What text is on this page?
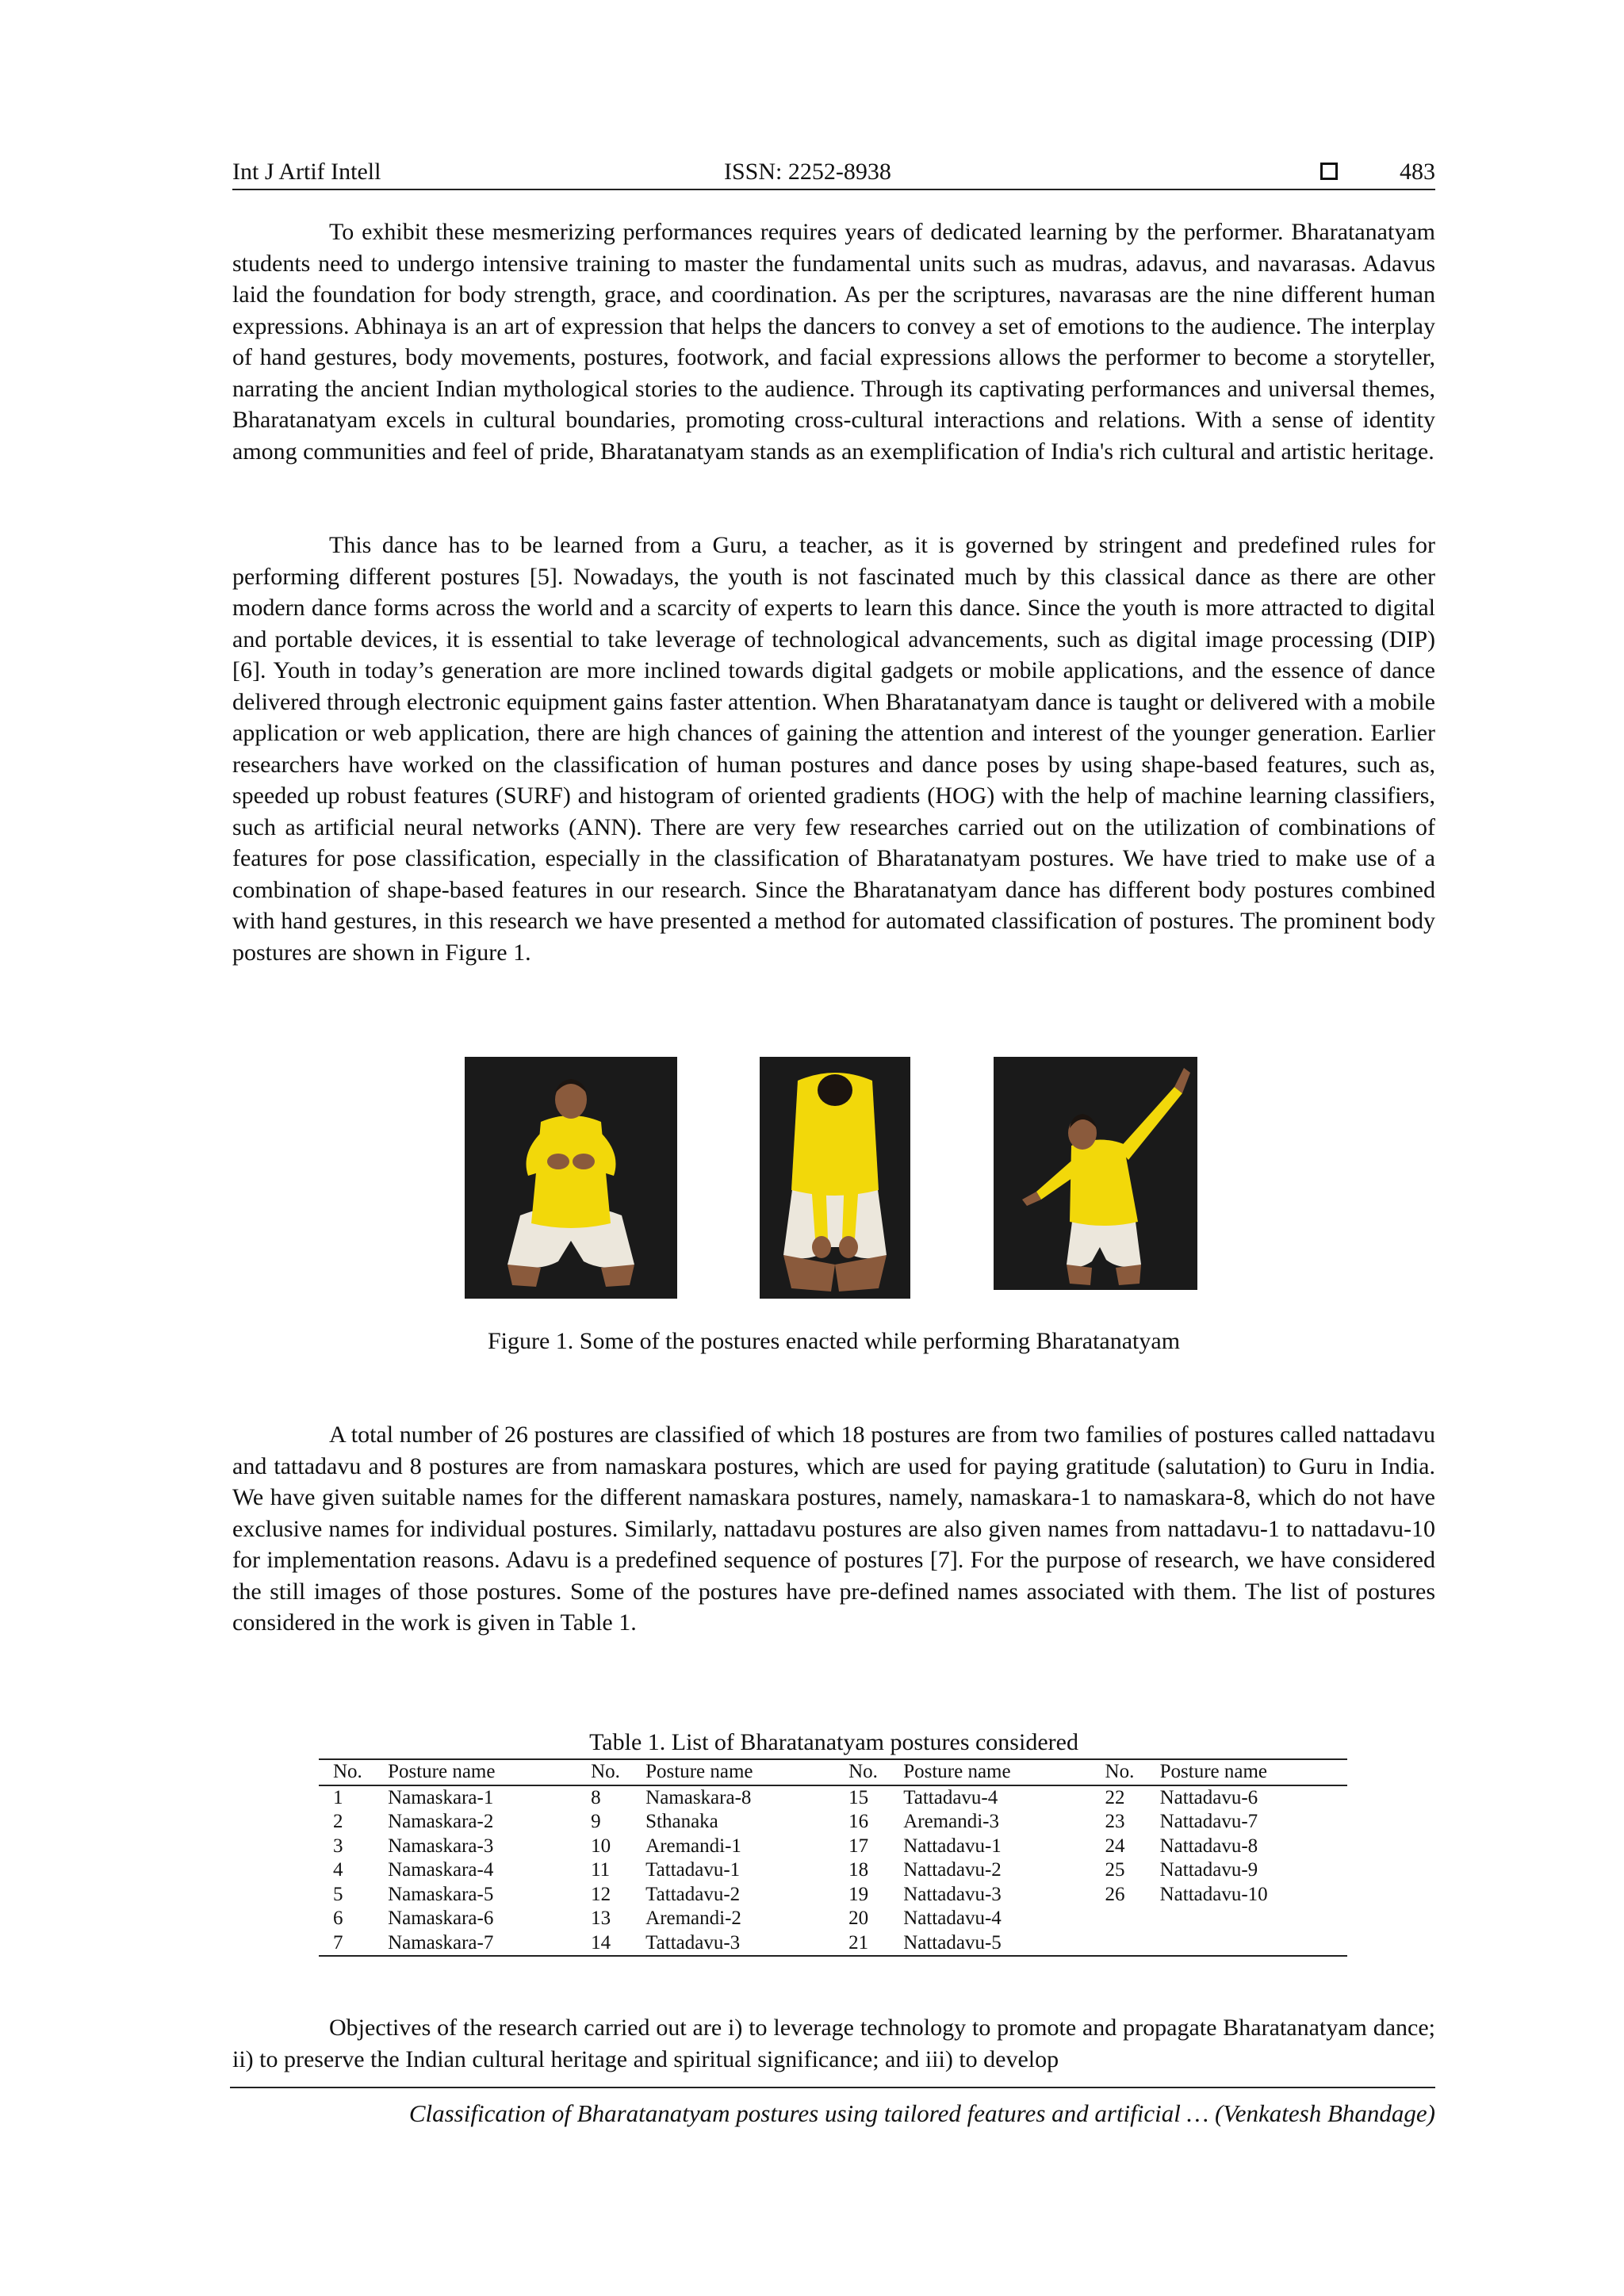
Int J Artif Intell	ISSN: 2252-8938	483

To exhibit these mesmerizing performances requires years of dedicated learning by the performer. Bharatanatyam students need to undergo intensive training to master the fundamental units such as mudras, adavus, and navarasas. Adavus laid the foundation for body strength, grace, and coordination. As per the scriptures, navarasas are the nine different human expressions. Abhinaya is an art of expression that helps the dancers to convey a set of emotions to the audience. The interplay of hand gestures, body movements, postures, footwork, and facial expressions allows the performer to become a storyteller, narrating the ancient Indian mythological stories to the audience. Through its captivating performances and universal themes, Bharatanatyam excels in cultural boundaries, promoting cross-cultural interactions and relations. With a sense of identity among communities and feel of pride, Bharatanatyam stands as an exemplification of India's rich cultural and artistic heritage.

This dance has to be learned from a Guru, a teacher, as it is governed by stringent and predefined rules for performing different postures [5]. Nowadays, the youth is not fascinated much by this classical dance as there are other modern dance forms across the world and a scarcity of experts to learn this dance. Since the youth is more attracted to digital and portable devices, it is essential to take leverage of technological advancements, such as digital image processing (DIP) [6]. Youth in today’s generation are more inclined towards digital gadgets or mobile applications, and the essence of dance delivered through electronic equipment gains faster attention. When Bharatanatyam dance is taught or delivered with a mobile application or web application, there are high chances of gaining the attention and interest of the younger generation. Earlier researchers have worked on the classification of human postures and dance poses by using shape-based features, such as, speeded up robust features (SURF) and histogram of oriented gradients (HOG) with the help of machine learning classifiers, such as artificial neural networks (ANN). There are very few researches carried out on the utilization of combinations of features for pose classification, especially in the classification of Bharatanatyam postures. We have tried to make use of a combination of shape-based features in our research. Since the Bharatanatyam dance has different body postures combined with hand gestures, in this research we have presented a method for automated classification of postures. The prominent body postures are shown in Figure 1.

Figure 1. Some of the postures enacted while performing Bharatanatyam

A total number of 26 postures are classified of which 18 postures are from two families of postures called nattadavu and tattadavu and 8 postures are from namaskara postures, which are used for paying gratitude (salutation) to Guru in India. We have given suitable names for the different namaskara postures, namely, namaskara-1 to namaskara-8, which do not have exclusive names for individual postures. Similarly, nattadavu postures are also given names from nattadavu-1 to nattadavu-10 for implementation reasons. Adavu is a predefined sequence of postures [7]. For the purpose of research, we have considered the still images of those postures. Some of the postures have pre-defined names associated with them. The list of postures considered in the work is given in Table 1.

Table 1. List of Bharatanatyam postures considered
No.	Posture name	No.	Posture name	No.	Posture name	No.	Posture name
1	Namaskara-1	8	Namaskara-8	15	Tattadavu-4	22	Nattadavu-6
2	Namaskara-2	9	Sthanaka	16	Aremandi-3	23	Nattadavu-7
3	Namaskara-3	10	Aremandi-1	17	Nattadavu-1	24	Nattadavu-8
4	Namaskara-4	11	Tattadavu-1	18	Nattadavu-2	25	Nattadavu-9
5	Namaskara-5	12	Tattadavu-2	19	Nattadavu-3	26	Nattadavu-10
6	Namaskara-6	13	Aremandi-2	20	Nattadavu-4		
7	Namaskara-7	14	Tattadavu-3	21	Nattadavu-5		

Objectives of the research carried out are i) to leverage technology to promote and propagate Bharatanatyam dance; ii) to preserve the Indian cultural heritage and spiritual significance; and iii) to develop

Classification of Bharatanatyam postures using tailored features and artificial … (Venkatesh Bhandage)
